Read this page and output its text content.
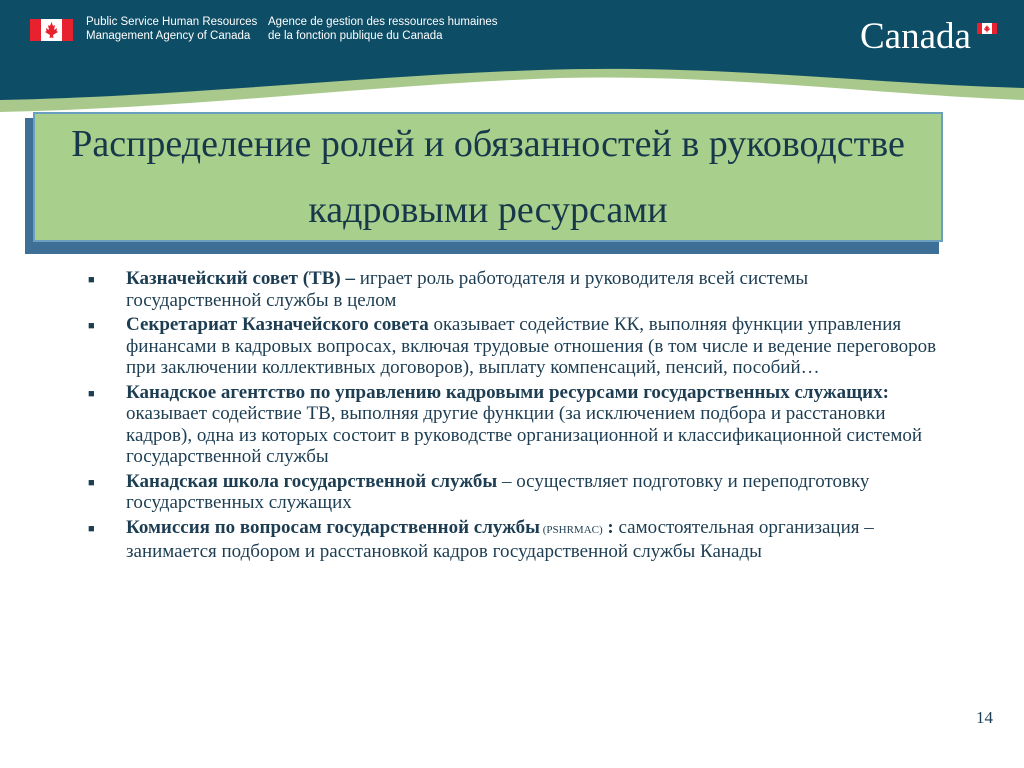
Public Service Human Resources
Management Agency of Canada
Agence de gestion des ressources humaines
de la fonction publique du Canada	Canada
Распределение ролей и обязанностей в руководстве кадровыми ресурсами
■
Казначейский совет (ТВ) – играет роль работодателя и руководителя всей системы государственной службы в целом
■
Секретариат Казначейского совета оказывает содействие КК, выполняя функции управления финансами в кадровых вопросах, включая трудовые отношения (в том числе и ведение переговоров при заключении коллективных договоров), выплату компенсаций, пенсий, пособий…
■
Канадское агентство по управлению кадровыми ресурсами государственных служащих: оказывает содействие ТВ, выполняя другие функции (за исключением подбора и расстановки кадров), одна из которых состоит в руководстве организационной и классификационной системой государственной службы
■
Канадская школа государственной службы – осуществляет подготовку и переподготовку государственных служащих
■
Комиссия по вопросам государственной службы (PSHRMAC) : самостоятельная организация – занимается подбором и расстановкой кадров государственной службы Канады
14
